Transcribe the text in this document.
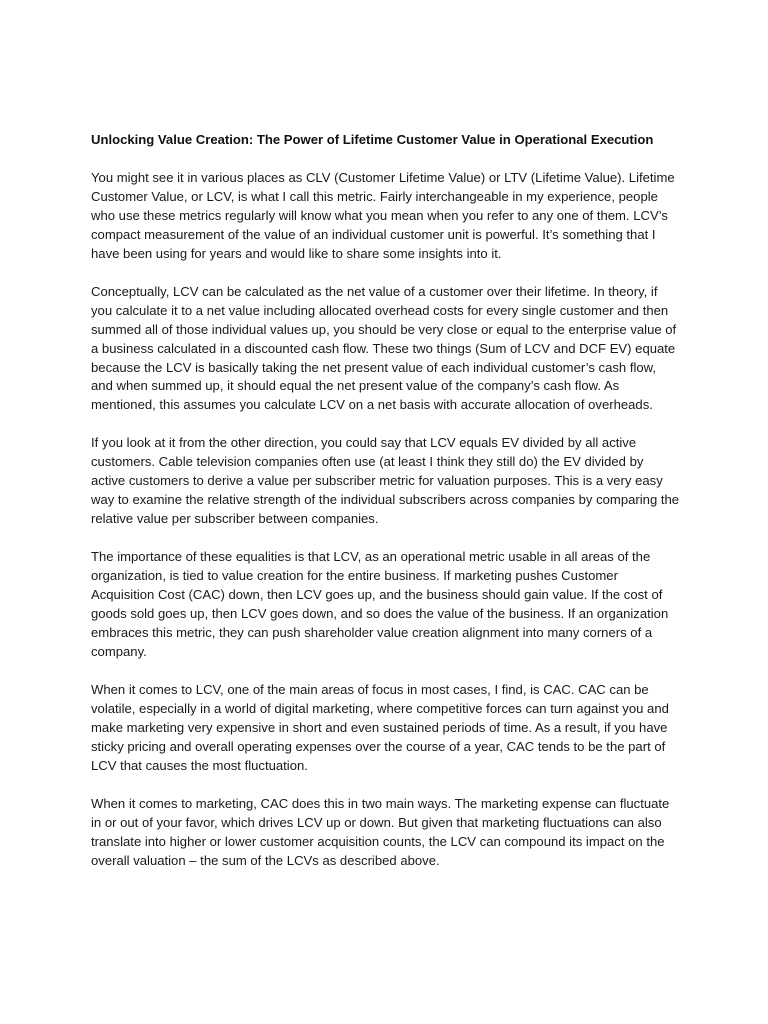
Unlocking Value Creation: The Power of Lifetime Customer Value in Operational Execution

You might see it in various places as CLV (Customer Lifetime Value) or LTV (Lifetime Value). Lifetime Customer Value, or LCV, is what I call this metric. Fairly interchangeable in my experience, people who use these metrics regularly will know what you mean when you refer to any one of them. LCV’s compact measurement of the value of an individual customer unit is powerful. It’s something that I have been using for years and would like to share some insights into it.

Conceptually, LCV can be calculated as the net value of a customer over their lifetime. In theory, if you calculate it to a net value including allocated overhead costs for every single customer and then summed all of those individual values up, you should be very close or equal to the enterprise value of a business calculated in a discounted cash flow. These two things (Sum of LCV and DCF EV) equate because the LCV is basically taking the net present value of each individual customer’s cash flow, and when summed up, it should equal the net present value of the company’s cash flow. As mentioned, this assumes you calculate LCV on a net basis with accurate allocation of overheads.

If you look at it from the other direction, you could say that LCV equals EV divided by all active customers. Cable television companies often use (at least I think they still do) the EV divided by active customers to derive a value per subscriber metric for valuation purposes. This is a very easy way to examine the relative strength of the individual subscribers across companies by comparing the relative value per subscriber between companies.

The importance of these equalities is that LCV, as an operational metric usable in all areas of the organization, is tied to value creation for the entire business. If marketing pushes Customer Acquisition Cost (CAC) down, then LCV goes up, and the business should gain value. If the cost of goods sold goes up, then LCV goes down, and so does the value of the business. If an organization embraces this metric, they can push shareholder value creation alignment into many corners of a company.

When it comes to LCV, one of the main areas of focus in most cases, I find, is CAC. CAC can be volatile, especially in a world of digital marketing, where competitive forces can turn against you and make marketing very expensive in short and even sustained periods of time. As a result, if you have sticky pricing and overall operating expenses over the course of a year, CAC tends to be the part of LCV that causes the most fluctuation.

When it comes to marketing, CAC does this in two main ways. The marketing expense can fluctuate in or out of your favor, which drives LCV up or down. But given that marketing fluctuations can also translate into higher or lower customer acquisition counts, the LCV can compound its impact on the overall valuation – the sum of the LCVs as described above.
